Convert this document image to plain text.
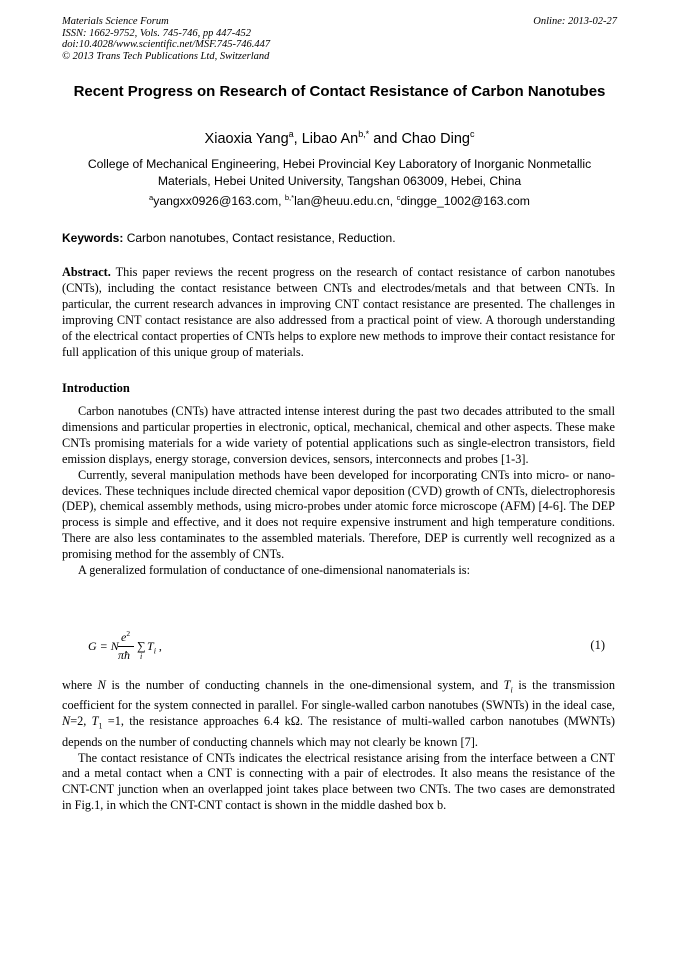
Materials Science Forum
ISSN: 1662-9752, Vols. 745-746, pp 447-452
doi:10.4028/www.scientific.net/MSF.745-746.447
© 2013 Trans Tech Publications Ltd, Switzerland
Online: 2013-02-27
Recent Progress on Research of Contact Resistance of Carbon Nanotubes
Xiaoxia Yang$^a$, Libao $An^{b,*}$ and Chao Ding$^c$
College of Mechanical Engineering, Hebei Provincial Key Laboratory of Inorganic Nonmetallic Materials, Hebei United University, Tangshan 063009, Hebei, China
$^a$yangxx0926@163.com, $^{b,*}$lan@heuu.edu.cn, $^c$dingge_1002@163.com
Keywords: Carbon nanotubes, Contact resistance, Reduction.
Abstract. This paper reviews the recent progress on the research of contact resistance of carbon nanotubes (CNTs), including the contact resistance between CNTs and electrodes/metals and that between CNTs. In particular, the current research advances in improving CNT contact resistance are presented. The challenges in improving CNT contact resistance are also addressed from a practical point of view. A thorough understanding of the electrical contact properties of CNTs helps to explore new methods to improve their contact resistance for full application of this unique group of materials.
Introduction

Carbon nanotubes (CNTs) have attracted intense interest during the past two decades attributed to the small dimensions and particular properties in electronic, optical, mechanical, chemical and other aspects. These make CNTs promising materials for a wide variety of potential applications such as single-electron transistors, field emission displays, energy storage, conversion devices, sensors, interconnects and probes [1-3].

Currently, several manipulation methods have been developed for incorporating CNTs into micro- or nano-devices. These techniques include directed chemical vapor deposition (CVD) growth of CNTs, dielectrophoresis (DEP), chemical assembly methods, using micro-probes under atomic force microscope (AFM) [4-6]. The DEP process is simple and effective, and it does not require expensive instrument and high temperature conditions. There are also less contaminates to the assembled materials. Therefore, DEP is currently well recognized as a promising method for the assembly of CNTs.

A generalized formulation of conductance of one-dimensional nanomaterials is:

G = N
$e^2$
πħ
∑
i
$T_i$ ,	(1)

where N is the number of conducting channels in the one-dimensional system, and $T_i$ is the transmission coefficient for the system connected in parallel. For single-walled carbon nanotubes (SWNTs) in the ideal case, N=2, $T_1 =1$, the resistance approaches 6.4 kΩ. The resistance of multi-walled carbon nanotubes (MWNTs) depends on the number of conducting channels which may not clearly be known [7].

The contact resistance of CNTs indicates the electrical resistance arising from the interface between a CNT and a metal contact when a CNT is connecting with a pair of electrodes. It also means the resistance of the CNT-CNT junction when an overlapped joint takes place between two CNTs. The two cases are demonstrated in Fig.1, in which the CNT-CNT contact is shown in the middle dashed box b.
